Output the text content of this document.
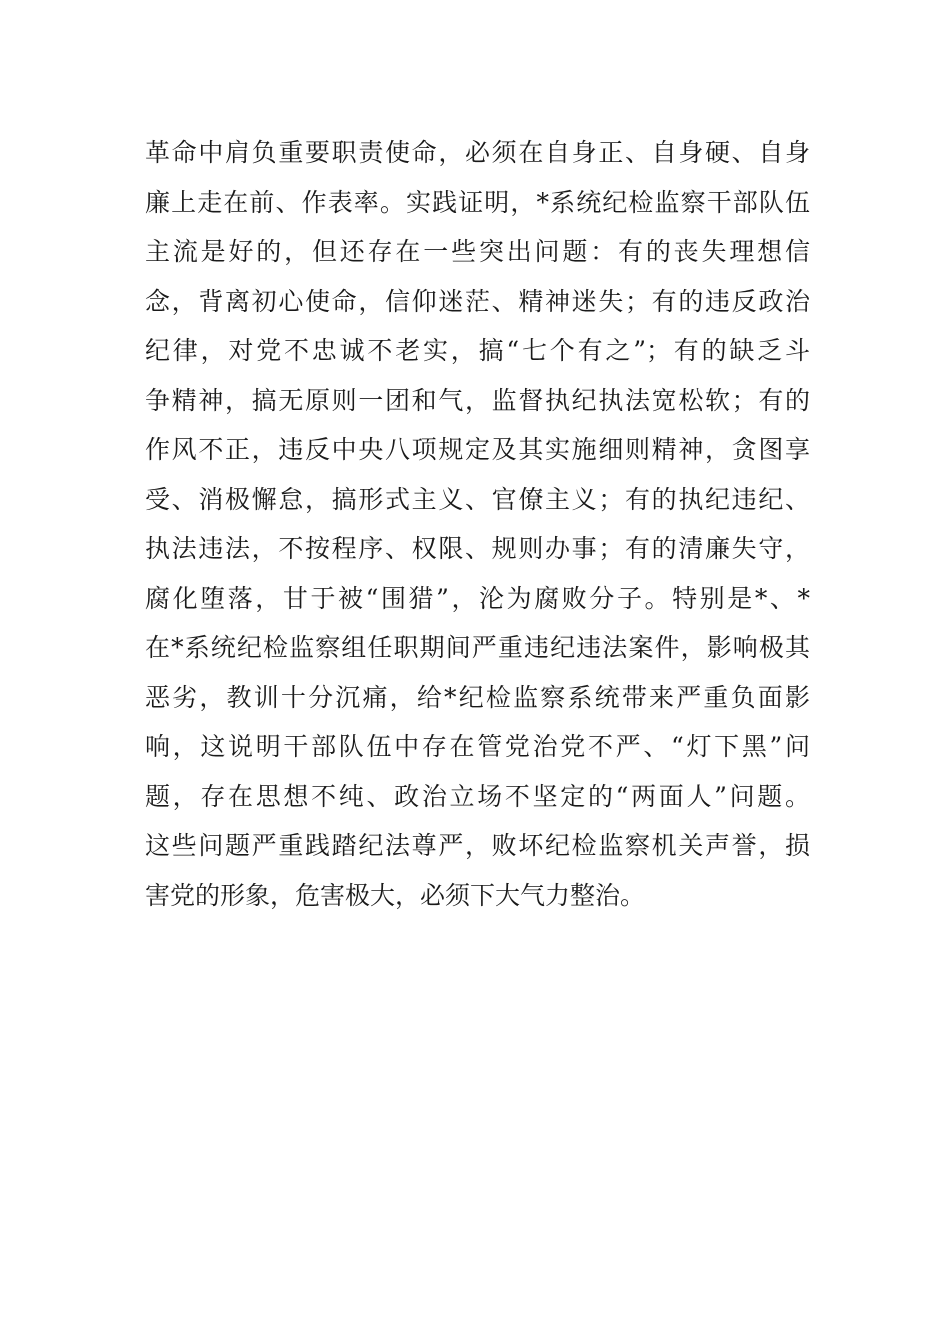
革命中肩负重要职责使命，必须在自身正、自身硬、自身
廉上走在前、作表率。实践证明，*系统纪检监察干部队伍
主流是好的，但还存在一些突出问题：有的丧失理想信
念，背离初心使命，信仰迷茫、精神迷失；有的违反政治
纪律，对党不忠诚不老实，搞“七个有之”；有的缺乏斗
争精神，搞无原则一团和气，监督执纪执法宽松软；有的
作风不正，违反中央八项规定及其实施细则精神，贪图享
受、消极懈怠，搞形式主义、官僚主义；有的执纪违纪、
执法违法，不按程序、权限、规则办事；有的清廉失守，
腐化堕落，甘于被“围猎”，沦为腐败分子。特别是*、*
在*系统纪检监察组任职期间严重违纪违法案件，影响极其
恶劣，教训十分沉痛，给*纪检监察系统带来严重负面影
响，这说明干部队伍中存在管党治党不严、“灯下黑”问
题，存在思想不纯、政治立场不坚定的“两面人”问题。
这些问题严重践踏纪法尊严，败坏纪检监察机关声誉，损
害党的形象，危害极大，必须下大气力整治。
